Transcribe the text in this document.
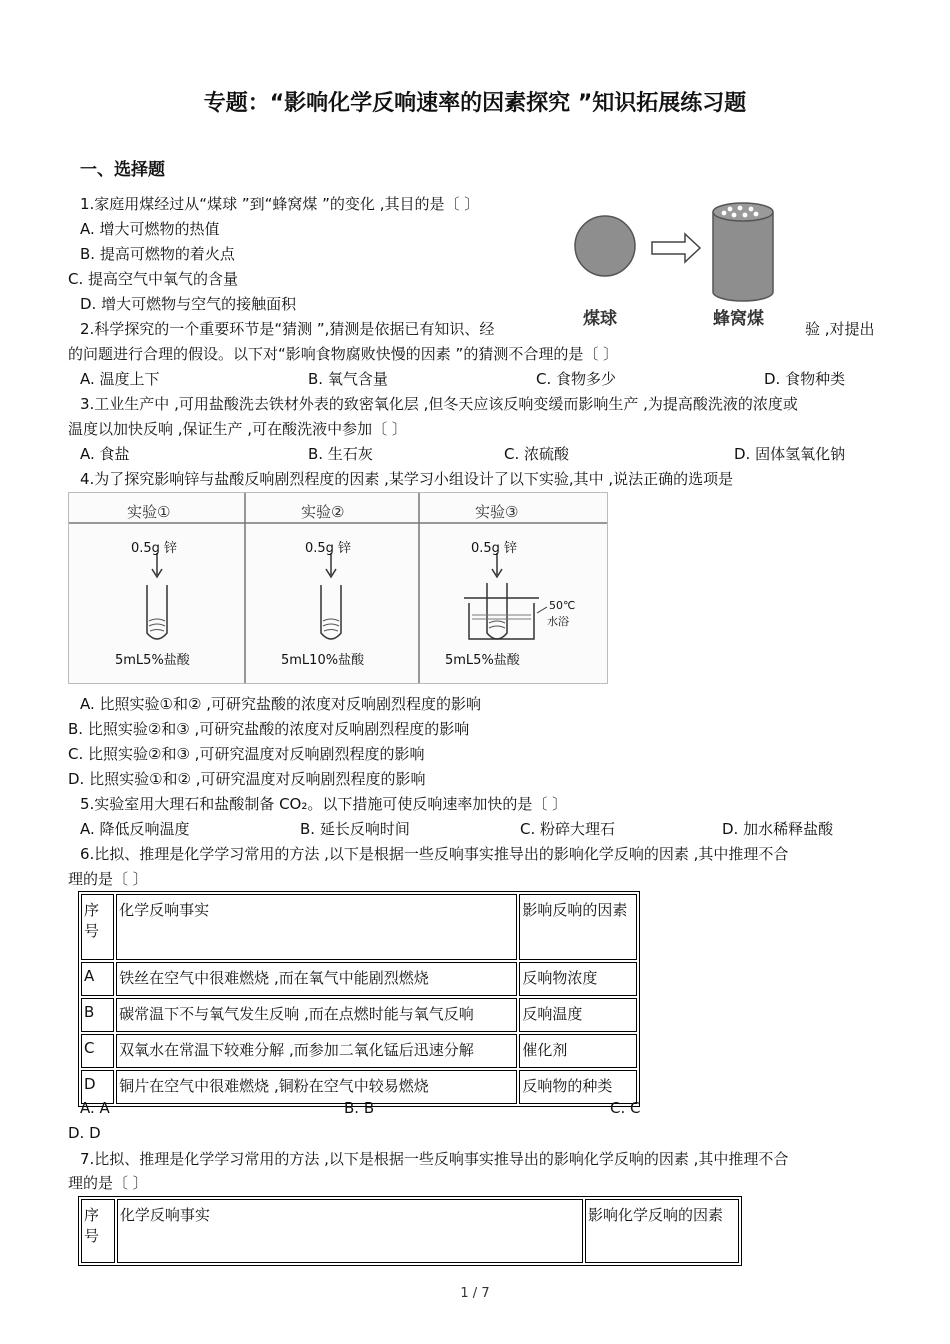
专题：“影响化学反响速率的因素探究 ”知识拓展练习题
一、选择题
1.家庭用煤经过从“煤球 ”到“蜂窝煤 ”的变化 ,其目的是〔 〕
A. 增大可燃物的热值
B. 提高可燃物的着火点
C. 提高空气中氧气的含量
D. 增大可燃物与空气的接触面积
煤球	蜂窝煤
2.科学探究的一个重要环节是“猜测 ”,猜测是依据已有知识、经	验 ,对提出
的问题进行合理的假设。以下对“影响食物腐败快慢的因素 ”的猜测不合理的是〔 〕
A. 温度上下	B. 氧气含量	C. 食物多少	D. 食物种类
3.工业生产中 ,可用盐酸洗去铁材外表的致密氧化层 ,但冬天应该反响变缓而影响生产 ,为提高酸洗液的浓度或
温度以加快反响 ,保证生产 ,可在酸洗液中参加〔 〕
A. 食盐	B. 生石灰	C. 浓硫酸	D. 固体氢氧化钠
4.为了探究影响锌与盐酸反响剧烈程度的因素 ,某学习小组设计了以下实验,其中 ,说法正确的选项是
实验①	实验②	实验③
0.5g 锌	0.5g 锌	0.5g 锌
50℃
水浴
5mL5%盐酸	5mL10%盐酸	5mL5%盐酸
A. 比照实验①和② ,可研究盐酸的浓度对反响剧烈程度的影响
B. 比照实验②和③ ,可研究盐酸的浓度对反响剧烈程度的影响
C. 比照实验②和③ ,可研究温度对反响剧烈程度的影响
D. 比照实验①和② ,可研究温度对反响剧烈程度的影响
5.实验室用大理石和盐酸制备 CO₂。以下措施可使反响速率加快的是〔 〕
A. 降低反响温度	B. 延长反响时间	C. 粉碎大理石	D. 加水稀释盐酸
6.比拟、推理是化学学习常用的方法 ,以下是根据一些反响事实推导出的影响化学反响的因素 ,其中推理不合
理的是〔 〕
序号	化学反响事实	影响反响的因素
A	铁丝在空气中很难燃烧 ,而在氧气中能剧烈燃烧	反响物浓度
B	碳常温下不与氧气发生反响 ,而在点燃时能与氧气反响	反响温度
C	双氧水在常温下较难分解 ,而参加二氧化锰后迅速分解	催化剂
D	铜片在空气中很难燃烧 ,铜粉在空气中较易燃烧	反响物的种类
A. A	B. B	C. C
D. D
7.比拟、推理是化学学习常用的方法 ,以下是根据一些反响事实推导出的影响化学反响的因素 ,其中推理不合
理的是〔 〕
序号	化学反响事实	影响化学反响的因素
1 / 7
